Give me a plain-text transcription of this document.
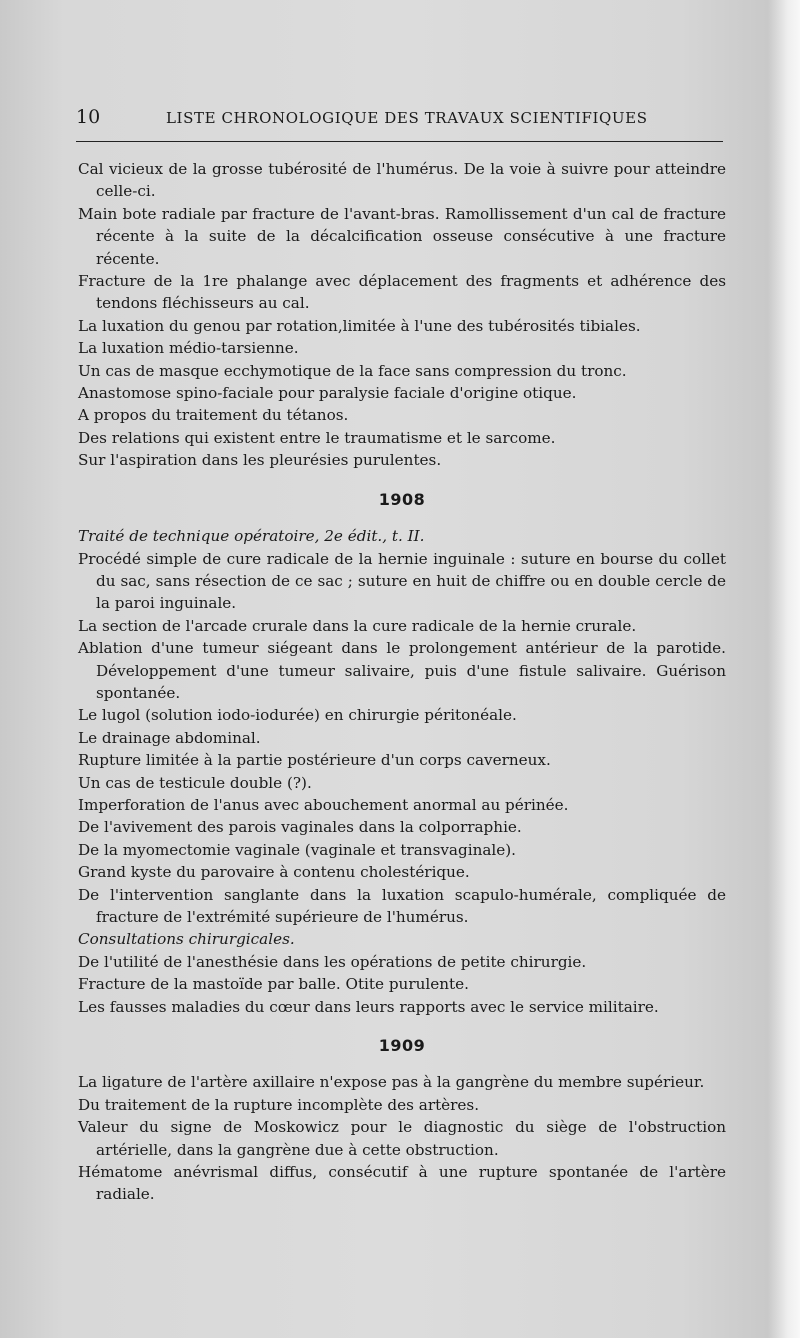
10	LISTE CHRONOLOGIQUE DES TRAVAUX SCIENTIFIQUES
Cal vicieux de la grosse tubérosité de l'humérus. De la voie à suivre pour atteindre celle-ci.
Main bote radiale par fracture de l'avant-bras. Ramollissement d'un cal de fracture récente à la suite de la décalcification osseuse consécutive à une fracture récente.
Fracture de la 1re phalange avec déplacement des fragments et adhérence des tendons fléchisseurs au cal.
La luxation du genou par rotation,limitée à l'une des tubérosités tibiales.
La luxation médio-tarsienne.
Un cas de masque ecchymotique de la face sans compression du tronc.
Anastomose spino-faciale pour paralysie faciale d'origine otique.
A propos du traitement du tétanos.
Des relations qui existent entre le traumatisme et le sarcome.
Sur l'aspiration dans les pleurésies purulentes.
1908
Traité de technique opératoire, 2e édit., t. II.
Procédé simple de cure radicale de la hernie inguinale : suture en bourse du collet du sac, sans résection de ce sac ; suture en huit de chiffre ou en double cercle de la paroi inguinale.
La section de l'arcade crurale dans la cure radicale de la hernie crurale.
Ablation d'une tumeur siégeant dans le prolongement antérieur de la parotide. Développement d'une tumeur salivaire, puis d'une fistule salivaire. Guérison spontanée.
Le lugol (solution iodo-iodurée) en chirurgie péritonéale.
Le drainage abdominal.
Rupture limitée à la partie postérieure d'un corps caverneux.
Un cas de testicule double (?).
Imperforation de l'anus avec abouchement anormal au périnée.
De l'avivement des parois vaginales dans la colporraphie.
De la myomectomie vaginale (vaginale et transvaginale).
Grand kyste du parovaire à contenu cholestérique.
De l'intervention sanglante dans la luxation scapulo-humérale, compliquée de fracture de l'extrémité supérieure de l'humérus.
Consultations chirurgicales.
De l'utilité de l'anesthésie dans les opérations de petite chirurgie.
Fracture de la mastoïde par balle. Otite purulente.
Les fausses maladies du cœur dans leurs rapports avec le service militaire.
1909
La ligature de l'artère axillaire n'expose pas à la gangrène du membre supérieur.
Du traitement de la rupture incomplète des artères.
Valeur du signe de Moskowicz pour le diagnostic du siège de l'obstruction artérielle, dans la gangrène due à cette obstruction.
Hématome anévrismal diffus, consécutif à une rupture spontanée de l'artère radiale.
